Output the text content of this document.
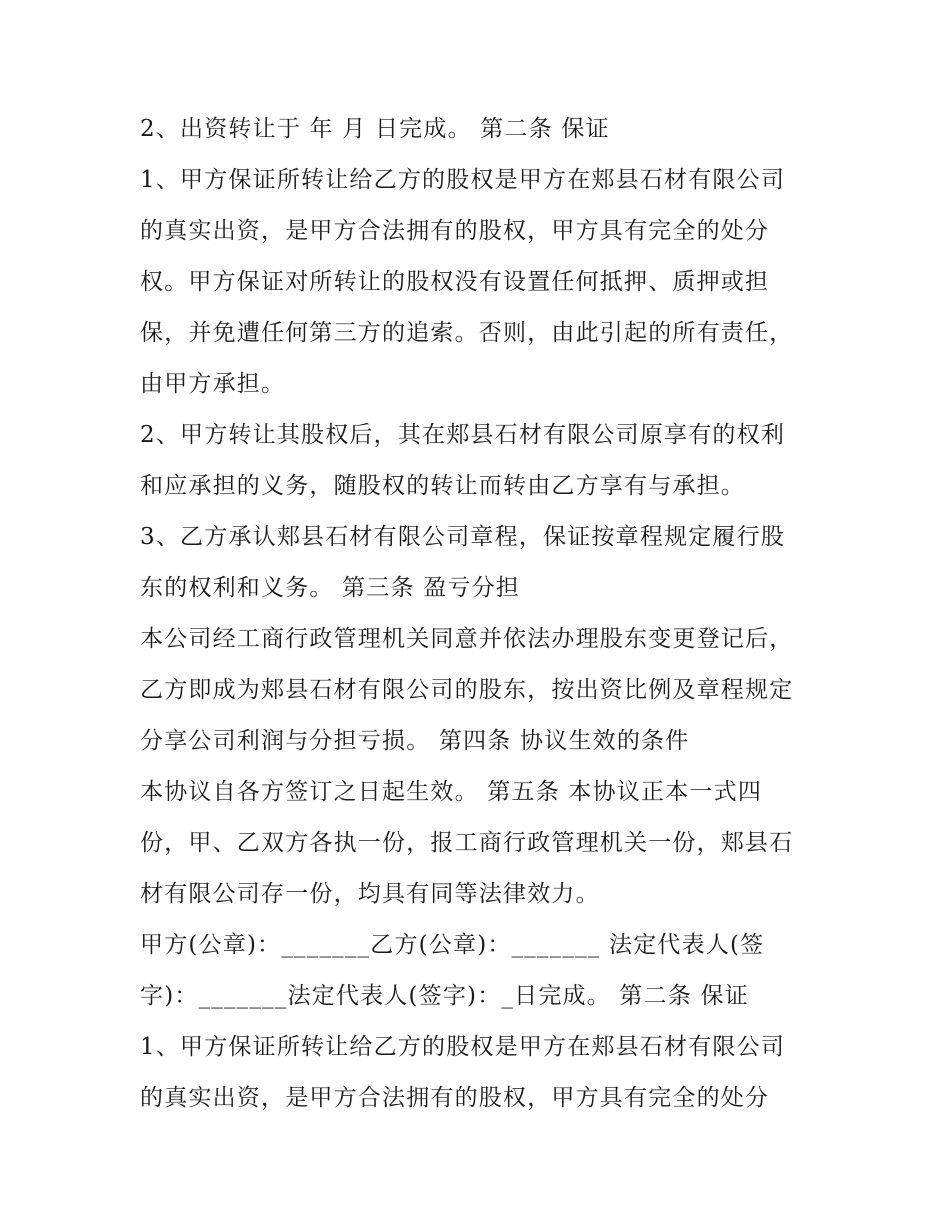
2、出资转让于 年 月 日完成。 第二条 保证
1、甲方保证所转让给乙方的股权是甲方在郏县石材有限公司
的真实出资，是甲方合法拥有的股权，甲方具有完全的处分
权。甲方保证对所转让的股权没有设置任何抵押、质押或担
保，并免遭任何第三方的追索。否则，由此引起的所有责任，
由甲方承担。
2、甲方转让其股权后，其在郏县石材有限公司原享有的权利
和应承担的义务，随股权的转让而转由乙方享有与承担。
3、乙方承认郏县石材有限公司章程，保证按章程规定履行股
东的权利和义务。 第三条 盈亏分担
本公司经工商行政管理机关同意并依法办理股东变更登记后，
乙方即成为郏县石材有限公司的股东，按出资比例及章程规定
分享公司利润与分担亏损。 第四条 协议生效的条件
本协议自各方签订之日起生效。 第五条 本协议正本一式四
份，甲、乙双方各执一份，报工商行政管理机关一份，郏县石
材有限公司存一份，均具有同等法律效力。
甲方(公章)：_______乙方(公章)：_______ 法定代表人(签
字)：_______法定代表人(签字)：_日完成。 第二条 保证
1、甲方保证所转让给乙方的股权是甲方在郏县石材有限公司
的真实出资，是甲方合法拥有的股权，甲方具有完全的处分
